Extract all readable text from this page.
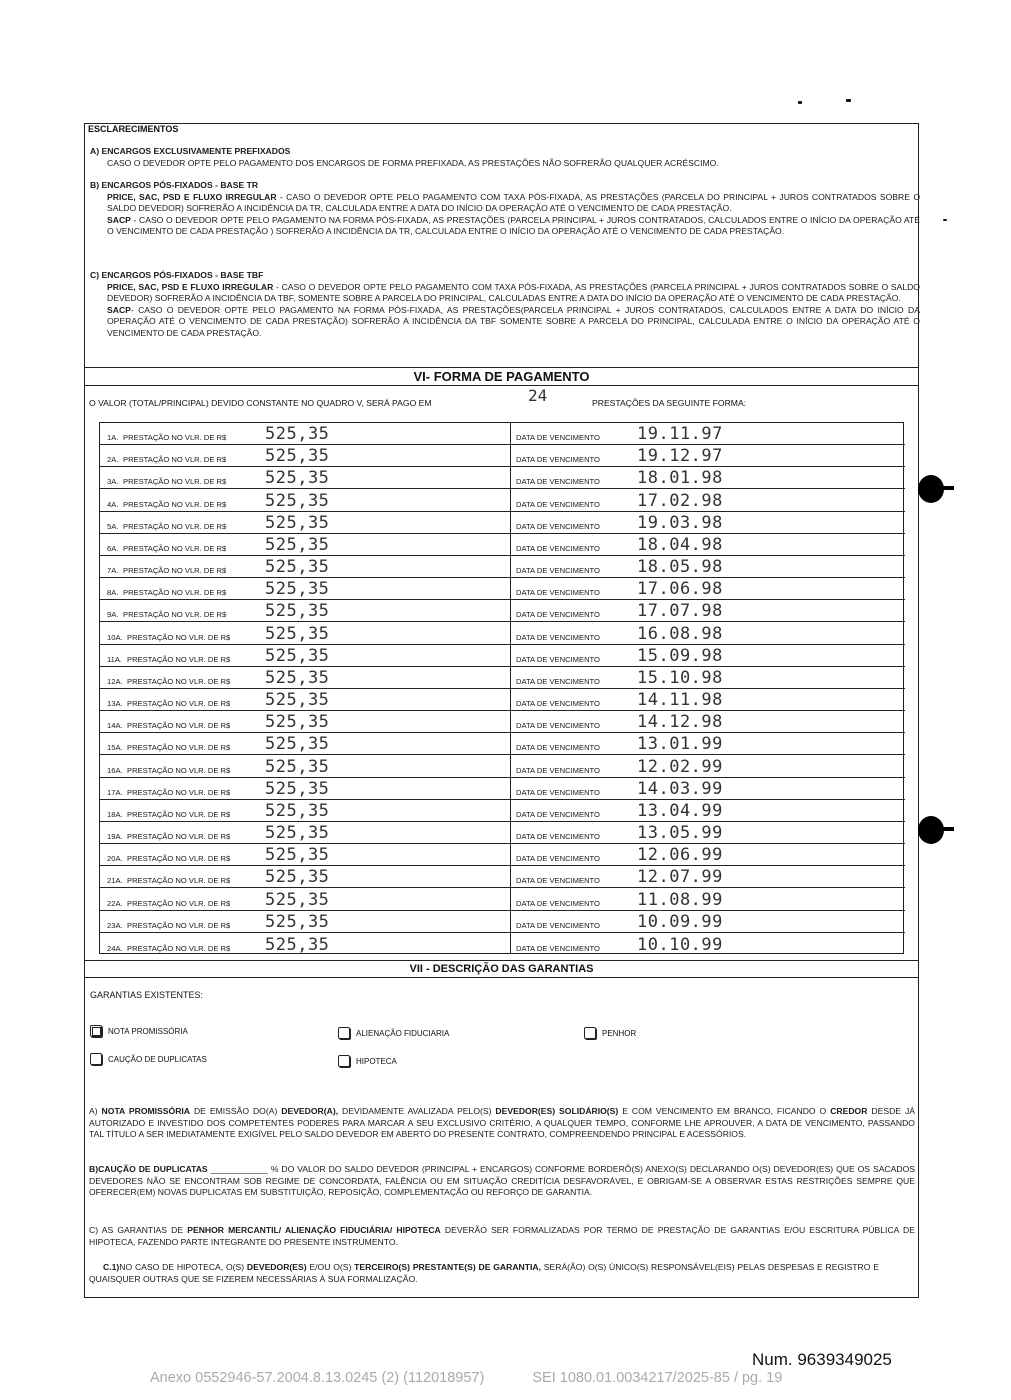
ESCLARECIMENTOS
A) ENCARGOS EXCLUSIVAMENTE PREFIXADOS
CASO O DEVEDOR OPTE PELO PAGAMENTO DOS ENCARGOS DE FORMA PREFIXADA, AS PRESTAÇÕES NÃO SOFRERÃO QUALQUER ACRÉSCIMO.
B) ENCARGOS PÓS-FIXADOS - BASE TR
PRICE, SAC, PSD E FLUXO IRREGULAR - CASO O DEVEDOR OPTE PELO PAGAMENTO COM TAXA PÓS-FIXADA, AS PRESTAÇÕES (PARCELA DO PRINCIPAL + JUROS CONTRATADOS SOBRE O SALDO DEVEDOR) SOFRERÃO A INCIDÊNCIA DA TR, CALCULADA ENTRE A DATA DO INÍCIO DA OPERAÇÃO ATÉ O VENCIMENTO DE CADA PRESTAÇÃO.
SACP - CASO O DEVEDOR OPTE PELO PAGAMENTO NA FORMA PÓS-FIXADA, AS PRESTAÇÕES (PARCELA PRINCIPAL + JUROS CONTRATADOS, CALCULADOS ENTRE O INÍCIO DA OPERAÇÃO ATÉ O VENCIMENTO DE CADA PRESTAÇÃO ) SOFRERÃO A INCIDÊNCIA DA TR, CALCULADA ENTRE O INÍCIO DA OPERAÇÃO ATÉ O VENCIMENTO DE CADA PRESTAÇÃO.
C) ENCARGOS PÓS-FIXADOS - BASE TBF
PRICE, SAC, PSD E FLUXO IRREGULAR - CASO O DEVEDOR OPTE PELO PAGAMENTO COM TAXA PÓS-FIXADA, AS PRESTAÇÕES (PARCELA PRINCIPAL + JUROS CONTRATADOS SOBRE O SALDO DEVEDOR) SOFRERÃO A INCIDÊNCIA DA TBF, SOMENTE SOBRE A PARCELA DO PRINCIPAL, CALCULADAS ENTRE A DATA DO INÍCIO DA OPERAÇÃO ATÉ O VENCIMENTO DE CADA PRESTAÇÃO.
SACP- CASO O DEVEDOR OPTE PELO PAGAMENTO NA FORMA PÓS-FIXADA, AS PRESTAÇÕES(PARCELA PRINCIPAL + JUROS CONTRATADOS, CALCULADOS ENTRE A DATA DO INÍCIO DA OPERAÇÃO ATÉ O VENCIMENTO DE CADA PRESTAÇÃO) SOFRERÃO A INCIDÊNCIA DA TBF SOMENTE SOBRE A PARCELA DO PRINCIPAL, CALCULADA ENTRE O INÍCIO DA OPERAÇÃO ATÉ O VENCIMENTO DE CADA PRESTAÇÃO.
VI- FORMA DE PAGAMENTO
O VALOR (TOTAL/PRINCIPAL) DEVIDO CONSTANTE NO QUADRO V, SERÁ PAGO EM	24	PRESTAÇÕES DA SEGUINTE FORMA:
1A. PRESTAÇÃO NO VLR. DE R$ 525,35	DATA DE VENCIMENTO 19.11.97
2A. PRESTAÇÃO NO VLR. DE R$ 525,35	DATA DE VENCIMENTO 19.12.97
3A. PRESTAÇÃO NO VLR. DE R$ 525,35	DATA DE VENCIMENTO 18.01.98
4A. PRESTAÇÃO NO VLR. DE R$ 525,35	DATA DE VENCIMENTO 17.02.98
5A. PRESTAÇÃO NO VLR. DE R$ 525,35	DATA DE VENCIMENTO 19.03.98
6A. PRESTAÇÃO NO VLR. DE R$ 525,35	DATA DE VENCIMENTO 18.04.98
7A. PRESTAÇÃO NO VLR. DE R$ 525,35	DATA DE VENCIMENTO 18.05.98
8A. PRESTAÇÃO NO VLR. DE R$ 525,35	DATA DE VENCIMENTO 17.06.98
9A. PRESTAÇÃO NO VLR. DE R$ 525,35	DATA DE VENCIMENTO 17.07.98
10A. PRESTAÇÃO NO VLR. DE R$ 525,35	DATA DE VENCIMENTO 16.08.98
11A. PRESTAÇÃO NO VLR. DE R$ 525,35	DATA DE VENCIMENTO 15.09.98
12A. PRESTAÇÃO NO VLR. DE R$ 525,35	DATA DE VENCIMENTO 15.10.98
13A. PRESTAÇÃO NO VLR. DE R$ 525,35	DATA DE VENCIMENTO 14.11.98
14A. PRESTAÇÃO NO VLR. DE R$ 525,35	DATA DE VENCIMENTO 14.12.98
15A. PRESTAÇÃO NO VLR. DE R$ 525,35	DATA DE VENCIMENTO 13.01.99
16A. PRESTAÇÃO NO VLR. DE R$ 525,35	DATA DE VENCIMENTO 12.02.99
17A. PRESTAÇÃO NO VLR. DE R$ 525,35	DATA DE VENCIMENTO 14.03.99
18A. PRESTAÇÃO NO VLR. DE R$ 525,35	DATA DE VENCIMENTO 13.04.99
19A. PRESTAÇÃO NO VLR. DE R$ 525,35	DATA DE VENCIMENTO 13.05.99
20A. PRESTAÇÃO NO VLR. DE R$ 525,35	DATA DE VENCIMENTO 12.06.99
21A. PRESTAÇÃO NO VLR. DE R$ 525,35	DATA DE VENCIMENTO 12.07.99
22A. PRESTAÇÃO NO VLR. DE R$ 525,35	DATA DE VENCIMENTO 11.08.99
23A. PRESTAÇÃO NO VLR. DE R$ 525,35	DATA DE VENCIMENTO 10.09.99
24A. PRESTAÇÃO NO VLR. DE R$ 525,35	DATA DE VENCIMENTO 10.10.99
VII - DESCRIÇÃO DAS GARANTIAS
GARANTIAS EXISTENTES:
NOTA PROMISSÓRIA	ALIENAÇÃO FIDUCIARIA	PENHOR
CAUÇÃO DE DUPLICATAS	HIPOTECA
A) NOTA PROMISSÓRIA DE EMISSÃO DO(A) DEVEDOR(A), DEVIDAMENTE AVALIZADA PELO(S) DEVEDOR(ES) SOLIDÁRIO(S) E COM VENCIMENTO EM BRANCO, FICANDO O CREDOR DESDE JÁ AUTORIZADO E INVESTIDO DOS COMPETENTES PODERES PARA MARCAR A SEU EXCLUSIVO CRITÉRIO, A QUALQUER TEMPO, CONFORME LHE APROUVER, A DATA DE VENCIMENTO, PASSANDO TAL TÍTULO A SER IMEDIATAMENTE EXIGÍVEL PELO SALDO DEVEDOR EM ABERTO DO PRESENTE CONTRATO, COMPREENDENDO PRINCIPAL E ACESSÓRIOS.
B)CAUÇÃO DE DUPLICATAS ____________ % DO VALOR DO SALDO DEVEDOR (PRINCIPAL + ENCARGOS) CONFORME BORDERÔ(S) ANEXO(S) DECLARANDO O(S) DEVEDOR(ES) QUE OS SACADOS DEVEDORES NÃO SE ENCONTRAM SOB REGIME DE CONCORDATA, FALÊNCIA OU EM SITUAÇÃO CREDITÍCIA DESFAVORÁVEL, E OBRIGAM-SE A OBSERVAR ESTAS RESTRIÇÕES SEMPRE QUE OFERECER(EM) NOVAS DUPLICATAS EM SUBSTITUIÇÃO, REPOSIÇÃO, COMPLEMENTAÇÃO OU REFORÇO DE GARANTIA.
C) AS GARANTIAS DE PENHOR MERCANTIL/ ALIENAÇÃO FIDUCIÁRIA/ HIPOTECA DEVERÃO SER FORMALIZADAS POR TERMO DE PRESTAÇÃO DE GARANTIAS E/OU ESCRITURA PÚBLICA DE HIPOTECA, FAZENDO PARTE INTEGRANTE DO PRESENTE INSTRUMENTO.
C.1)NO CASO DE HIPOTECA, O(S) DEVEDOR(ES) E/OU O(S) TERCEIRO(S) PRESTANTE(S) DE GARANTIA, SERÁ(ÃO) O(S) ÚNICO(S) RESPONSÁVEL(EIS) PELAS DESPESAS E REGISTRO E QUAISQUER OUTRAS QUE SE FIZEREM NECESSÁRIAS À SUA FORMALIZAÇÃO.
Num. 9639349025
Anexo 0552946-57.2004.8.13.0245 (2) (112018957)	SEI 1080.01.0034217/2025-85 / pg. 19
